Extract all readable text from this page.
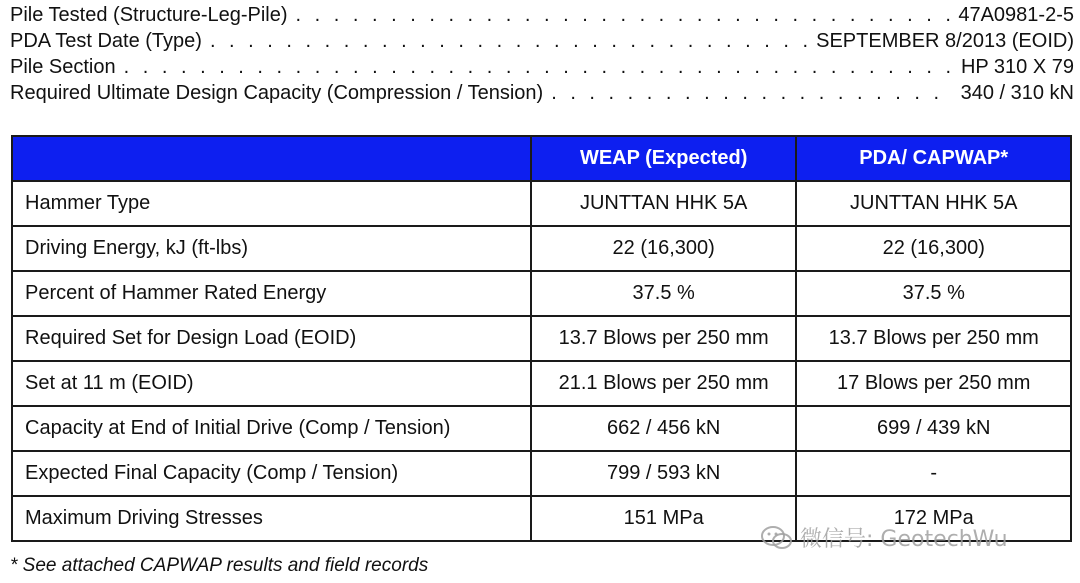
Pile Tested (Structure-Leg-Pile) . . .	47A0981-2-5
PDA Test Date (Type) . . .	SEPTEMBER 8/2013 (EOID)
Pile Section . . .	HP 310 X 79
Required Ultimate Design Capacity (Compression / Tension) . . .	340 / 310 kN
	WEAP (Expected)	PDA/ CAPWAP*
Hammer Type	JUNTTAN HHK 5A	JUNTTAN HHK 5A
Driving Energy, kJ (ft-lbs)	22 (16,300)	22 (16,300)
Percent of Hammer Rated Energy	37.5 %	37.5 %
Required Set for Design Load (EOID)	13.7 Blows per 250 mm	13.7 Blows per 250 mm
Set at 11 m (EOID)	21.1 Blows per 250 mm	17 Blows per 250 mm
Capacity at End of Initial Drive (Comp / Tension)	662 / 456 kN	699 / 439 kN
Expected Final Capacity (Comp / Tension)	799 / 593 kN	-
Maximum Driving Stresses	151 MPa	172 MPa
* See attached CAPWAP results and field records
微信号: GeotechWu
